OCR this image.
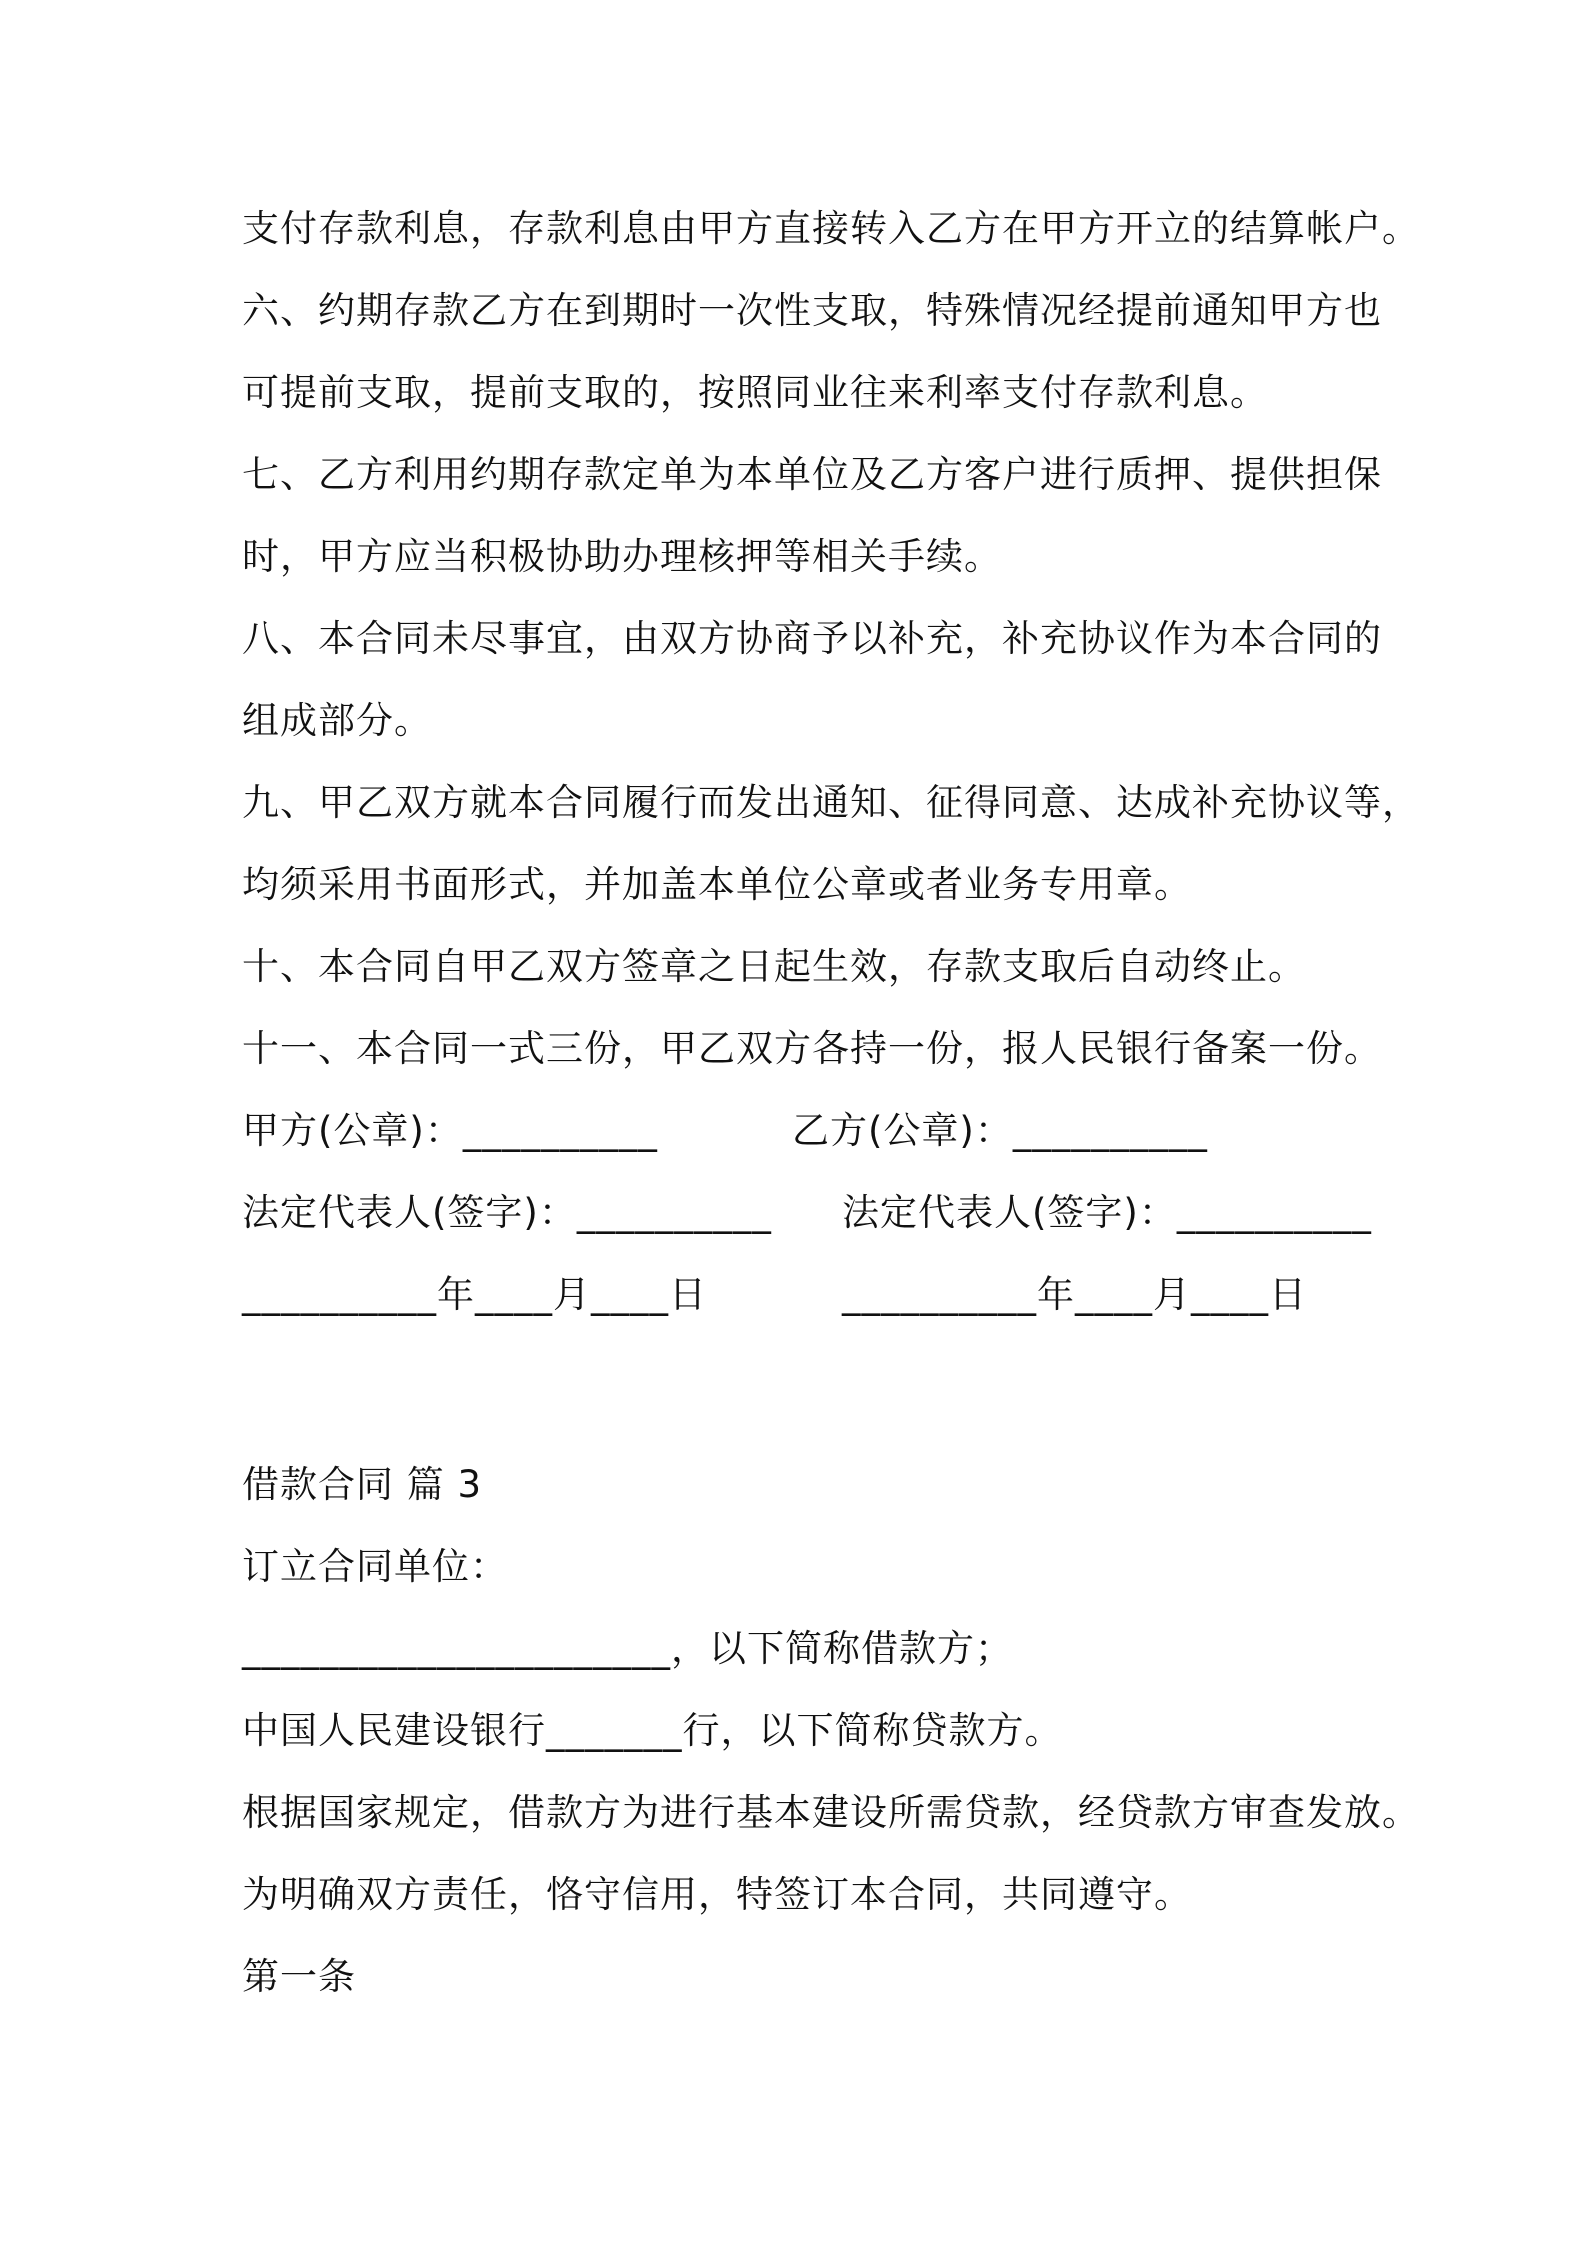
支付存款利息，存款利息由甲方直接转入乙方在甲方开立的结算帐户。
六、约期存款乙方在到期时一次性支取，特殊情况经提前通知甲方也
可提前支取，提前支取的，按照同业往来利率支付存款利息。
七、乙方利用约期存款定单为本单位及乙方客户进行质押、提供担保
时，甲方应当积极协助办理核押等相关手续。
八、本合同未尽事宜，由双方协商予以补充，补充协议作为本合同的
组成部分。
九、甲乙双方就本合同履行而发出通知、征得同意、达成补充协议等，
均须采用书面形式，并加盖本单位公章或者业务专用章。
十、本合同自甲乙双方签章之日起生效，存款支取后自动终止。
十一、本合同一式三份，甲乙双方各持一份，报人民银行备案一份。
甲方(公章)：__________	乙方(公章)：__________
法定代表人(签字)：__________ 法定代表人(签字)：__________
__________年____月____日	__________年____月____日
借款合同 篇 3
订立合同单位：
______________________，以下简称借款方；
中国人民建设银行_______行，以下简称贷款方。
根据国家规定，借款方为进行基本建设所需贷款，经贷款方审查发放。
为明确双方责任，恪守信用，特签订本合同，共同遵守。
第一条
